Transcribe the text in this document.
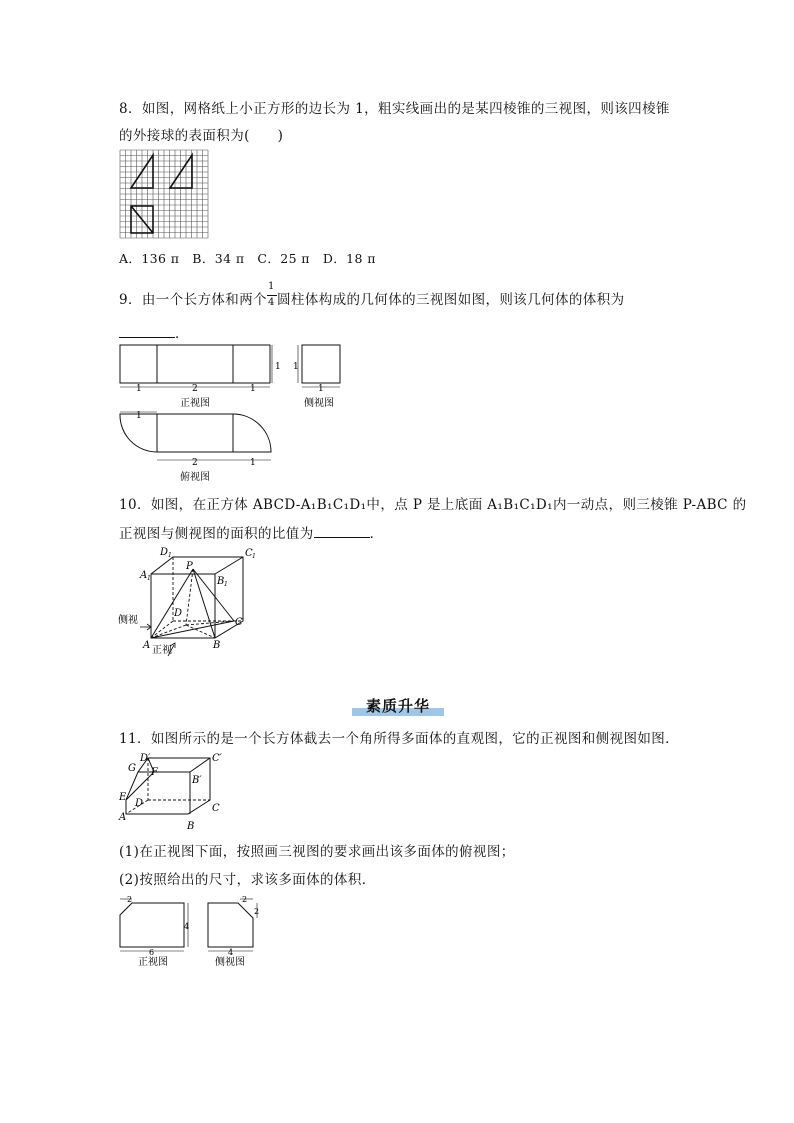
8．如图，网格纸上小正方形的边长为 1，粗实线画出的是某四棱锥的三视图，则该四棱锥
的外接球的表面积为(　　)
A．136 π　B．34 π　C．25 π　D．18 π
9．由一个长方体和两个 $\frac{1}{4}$ 圆柱体构成的几何体的三视图如图，则该几何体的体积为
．
1	2	1
1 1
1
正视图	侧视图
1
2	1
俯视图
10．如图，在正方体 ABCD-A₁B₁C₁D₁中，点 P 是上底面 A₁B₁C₁D₁内一动点，则三棱锥 P-ABC 的
正视图与侧视图的面积的比值为	．
D 1	C 1
A 1	B 1
P
D
C
A	B
侧视
正视
素质升华
11．如图所示的是一个长方体截去一个角所得多面体的直观图，它的正视图和侧视图如图．
D′	C′
G F
B′
E
D	C
A
B
(1)在正视图下面，按照画三视图的要求画出该多面体的俯视图；
(2)按照给出的尺寸，求该多面体的体积．
2
4
6
2
2
4
正视图	侧视图
